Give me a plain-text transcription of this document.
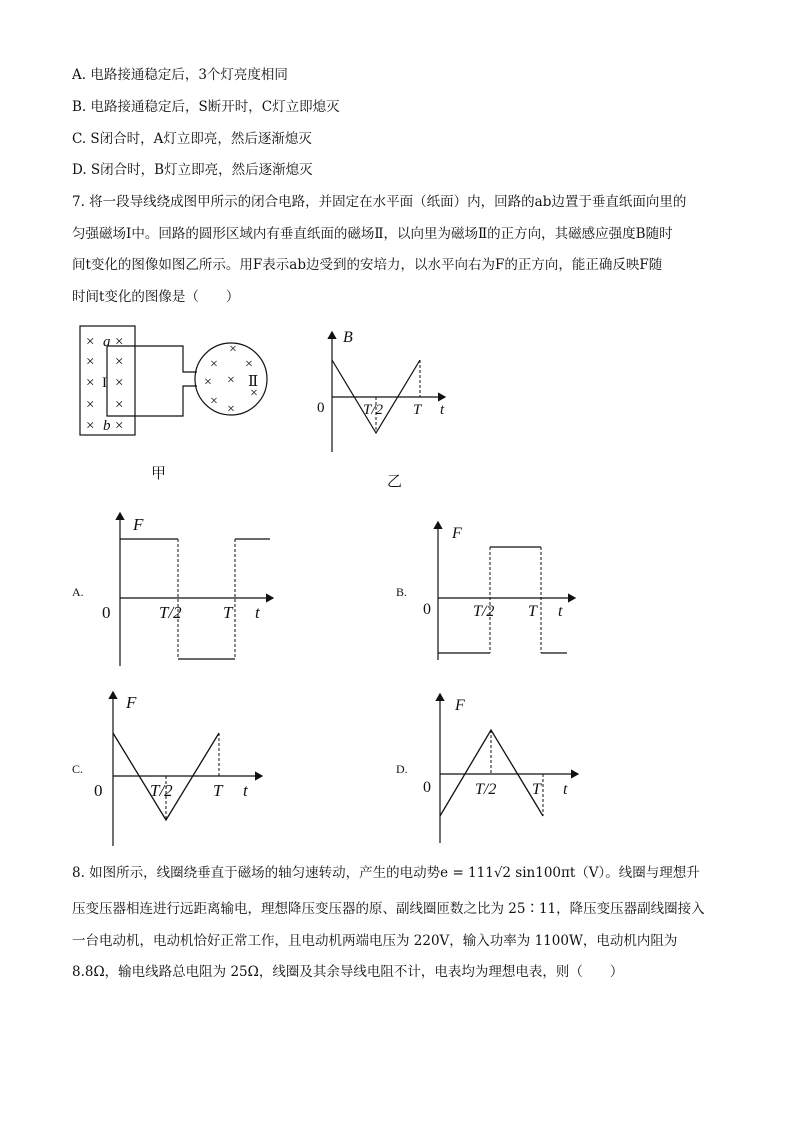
A. 电路接通稳定后，3个灯亮度相同
B. 电路接通稳定后，S断开时，C灯立即熄灭
C. S闭合时，A灯立即亮，然后逐渐熄灭
D. S闭合时，B灯立即亮，然后逐渐熄灭
7. 将一段导线绕成图甲所示的闭合电路，并固定在水平面（纸面）内，回路的ab边置于垂直纸面向里的
匀强磁场Ⅰ中。回路的圆形区域内有垂直纸面的磁场Ⅱ，以向里为磁场Ⅱ的正方向，其磁感应强度B随时
间t变化的图像如图乙所示。用F表示ab边受到的安培力，以水平向右为F的正方向，能正确反映F随
时间t变化的图像是（　　）
×
×
×
×
×
×
×
×
×
×
a
b
I
×
× ×
× ×
×
×
×
Ⅱ
甲
B
0	T/2 T t
乙
A.
F
0	T/2 T t
B.
F
0	T/2 T t
C.
F
0	T/2 T t
D.
F
0	T/2 T t
8. 如图所示，线圈绕垂直于磁场的轴匀速转动，产生的电动势e = 111√2 sin100πt（V）。线圈与理想升
压变压器相连进行远距离输电，理想降压变压器的原、副线圈匝数之比为 25∶11，降压变压器副线圈接入
一台电动机，电动机恰好正常工作，且电动机两端电压为 220V，输入功率为 1100W，电动机内阻为
8.8Ω，输电线路总电阻为 25Ω，线圈及其余导线电阻不计，电表均为理想电表，则（　　）
